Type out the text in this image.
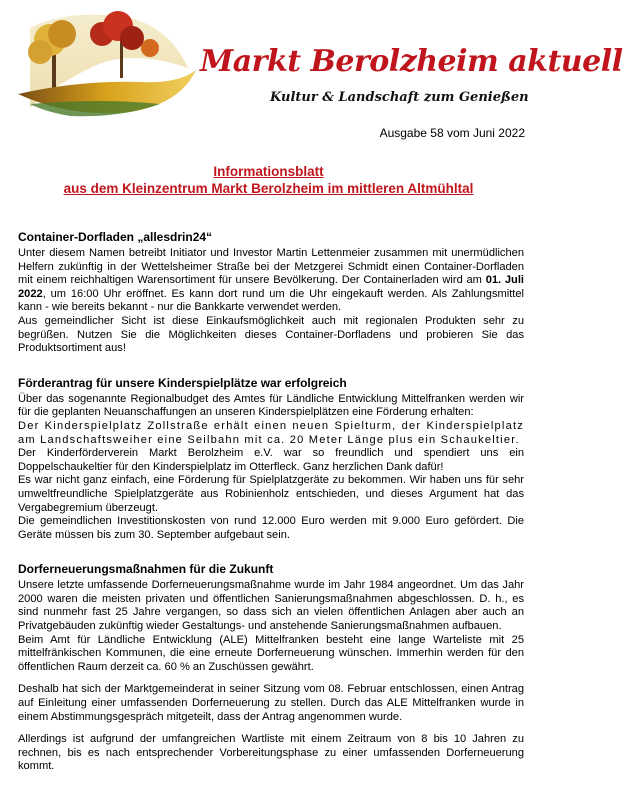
Markt Berolzheim aktuell
Kultur & Landschaft zum Genießen
Ausgabe 58 vom Juni 2022
Informationsblatt
aus dem Kleinzentrum Markt Berolzheim im mittleren Altmühltal
Container-Dorfladen „allesdrin24“

Unter diesem Namen betreibt Initiator und Investor Martin Lettenmeier zusammen mit unermüdlichen Helfern zukünftig in der Wettelsheimer Straße bei der Metzgerei Schmidt einen Container-Dorfladen mit einem reichhaltigen Warensortiment für unsere Bevölkerung. Der Containerladen wird am 01. Juli 2022, um 16:00 Uhr eröffnet. Es kann dort rund um die Uhr eingekauft werden. Als Zahlungsmittel kann - wie bereits bekannt - nur die Bankkarte verwendet werden.

Aus gemeindlicher Sicht ist diese Einkaufsmöglichkeit auch mit regionalen Produkten sehr zu begrüßen. Nutzen Sie die Möglichkeiten dieses Container-Dorfladens und probieren Sie das Produktsortiment aus!

Förderantrag für unsere Kinderspielplätze war erfolgreich

Über das sogenannte Regionalbudget des Amtes für Ländliche Entwicklung Mittelfranken werden wir für die geplanten Neuanschaffungen an unseren Kinderspielplätzen eine Förderung erhalten:

Der Kinderspielplatz Zollstraße erhält einen neuen Spielturm, der Kinderspielplatz am Landschaftsweiher eine Seilbahn mit ca. 20 Meter Länge plus ein Schaukeltier.

Der Kinderförderverein Markt Berolzheim e.V. war so freundlich und spendiert uns ein Doppelschaukeltier für den Kinderspielplatz im Otterfleck. Ganz herzlichen Dank dafür!

Es war nicht ganz einfach, eine Förderung für Spielplatzgeräte zu bekommen. Wir haben uns für sehr umweltfreundliche Spielplatzgeräte aus Robinienholz entschieden, und dieses Argument hat das Vergabegremium überzeugt.

Die gemeindlichen Investitionskosten von rund 12.000 Euro werden mit 9.000 Euro gefördert. Die Geräte müssen bis zum 30. September aufgebaut sein.

Dorferneuerungsmaßnahmen für die Zukunft

Unsere letzte umfassende Dorferneuerungsmaßnahme wurde im Jahr 1984 angeordnet. Um das Jahr 2000 waren die meisten privaten und öffentlichen Sanierungsmaßnahmen abgeschlossen. D. h., es sind nunmehr fast 25 Jahre vergangen, so dass sich an vielen öffentlichen Anlagen aber auch an Privatgebäuden zukünftig wieder Gestaltungs- und anstehende Sanierungsmaßnahmen aufbauen.

Beim Amt für Ländliche Entwicklung (ALE) Mittelfranken besteht eine lange Warteliste mit 25 mittelfränkischen Kommunen, die eine erneute Dorferneuerung wünschen. Immerhin werden für den öffentlichen Raum derzeit ca. 60 % an Zuschüssen gewährt.

Deshalb hat sich der Marktgemeinderat in seiner Sitzung vom 08. Februar entschlossen, einen Antrag auf Einleitung einer umfassenden Dorferneuerung zu stellen. Durch das ALE Mittelfranken wurde in einem Abstimmungsgespräch mitgeteilt, dass der Antrag angenommen wurde.

Allerdings ist aufgrund der umfangreichen Wartliste mit einem Zeitraum von 8 bis 10 Jahren zu rechnen, bis es nach entsprechender Vorbereitungsphase zu einer umfassenden Dorferneuerung kommt.
